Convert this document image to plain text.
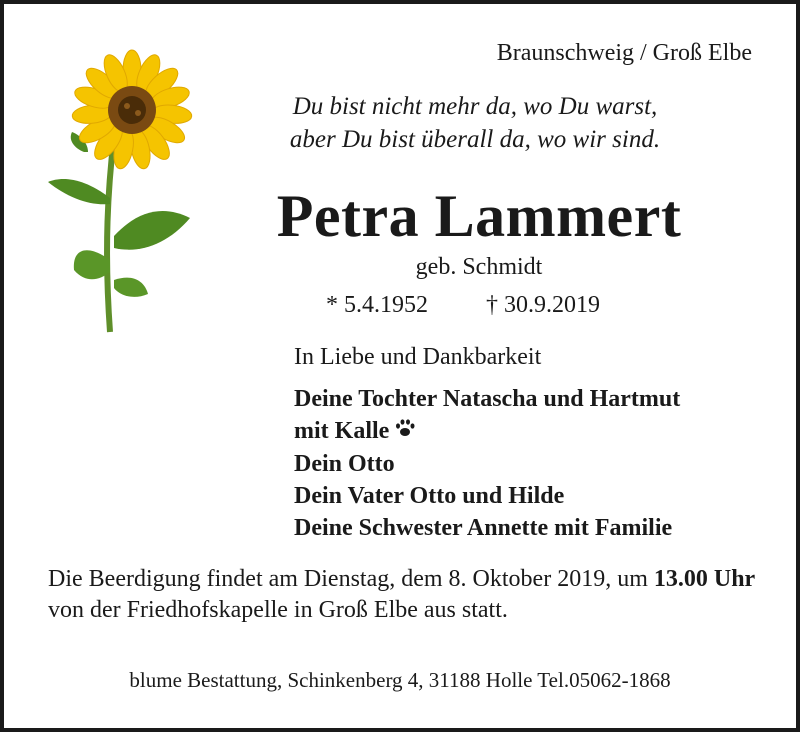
Braunschweig / Groß Elbe

Du bist nicht mehr da, wo Du warst,
aber Du bist überall da, wo wir sind.
Petra Lammert

geb. Schmidt

* 5.4.1952 † 30.9.2019

In Liebe und Dankbarkeit

Deine Tochter Natascha und Hartmut
mit Kalle
Dein Otto
Dein Vater Otto und Hilde
Deine Schwester Annette mit Familie
Die Beerdigung findet am Dienstag, dem 8. Oktober 2019, um 13.00 Uhr von der Friedhofskapelle in Groß Elbe aus statt.

blume Bestattung, Schinkenberg 4, 31188 Holle Tel.05062-1868
